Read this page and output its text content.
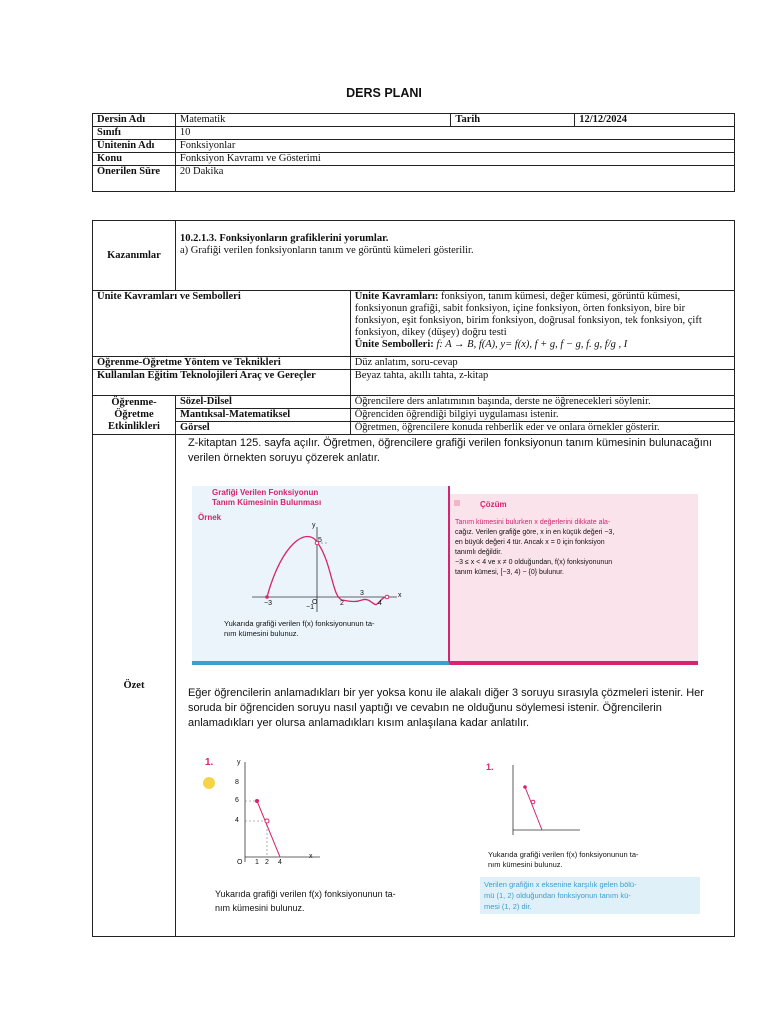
DERS PLANI
Dersin Adı	Matematik	Tarih	12/12/2024
Sınıfı	10		
Ünitenin Adı	Fonksiyonlar		
Konu	Fonksiyon Kavramı ve Gösterimi		
Önerilen Süre	20 Dakika		
Kazanımlar	10.2.1.3. Fonksiyonların grafiklerini yorumlar.
a) Grafiği verilen fonksiyonların tanım ve görüntü kümeleri gösterilir.	

Ünite Kavramları ve Sembolleri		Ünite Kavramları: fonksiyon, tanım kümesi, değer kümesi, görüntü kümesi, fonksiyonun grafiği, sabit fonksiyon, içine fonksiyon, örten fonksiyon, bire bir fonksiyon, eşit fonksiyon, birim fonksiyon, doğrusal fonksiyon, tek fonksiyon, çift fonksiyon, dikey (düşey) doğru testi
Ünite Sembolleri: f: A → B, f(A), y= f(x), f + g, f − g, f. g, f/g , I
Öğrenme-Öğretme Yöntem ve Teknikleri		Düz anlatım, soru-cevap
Kullanılan Eğitim Teknolojileri Araç ve Gereçler		Beyaz tahta, akıllı tahta, z-kitap
Öğrenme-Öğretme Etkinlikleri	Sözel-Dilsel	Öğrencilere ders anlatımının başında, derste ne öğrenecekleri söylenir.
	Mantıksal-Matematiksel	Öğrenciden öğrendiği bilgiyi uygulaması istenir.
	Görsel	Öğretmen, öğrencilere konuda rehberlik eder ve onlara örnekler gösterir.
Özet	Z-kitaptan 125. sayfa açılır. Öğretmen, öğrencilere grafiği verilen fonksiyonun tanım kümesinin bulunacağını verilen örnekten soruyu çözerek anlatır.
Eğer öğrencilerin anlamadıkları bir yer yoksa konu ile alakalı diğer 3 soruyu sırasıyla çözmeleri istenir. Her soruda bir öğrenciden soruyu nasıl yaptığı ve cevabın ne olduğunu söylemesi istenir. Öğrencilerin anlamadıkları yer olursa anlamadıkları kısım anlaşılana kadar anlatılır.	
Grafiği Verilen Fonksiyonun
Tanım Kümesinin Bulunması
Örnek
−3	O	2
3
4
x
y
5
−1
Yukarıda grafiği verilen f(x) fonksiyonunun ta-
nım kümesini bulunuz.
Çözüm
Tanım kümesini bulurken x değerlerini dikkate ala-
cağız. Verilen grafiğe göre, x in en küçük değeri −3,
en büyük değeri 4 tür. Ancak x = 0 için fonksiyon
tanımlı değildir.
−3 ≤ x < 4 ve x ≠ 0 olduğundan, f(x) fonksiyonunun
tanım kümesi, [−3, 4) − {0} bulunur.
1.	y
8
6
4
O 1 2 4
x
Yukarıda grafiği verilen f(x) fonksiyonunun ta-
nım kümesini bulunuz.
1.
Yukarıda grafiği verilen f(x) fonksiyonunun ta-
nım kümesini bulunuz.
Verilen grafiğin x eksenine karşılık gelen bölü-
mü (1, 2) olduğundan fonksiyonun tanım kü-
mesi (1, 2) dir.
